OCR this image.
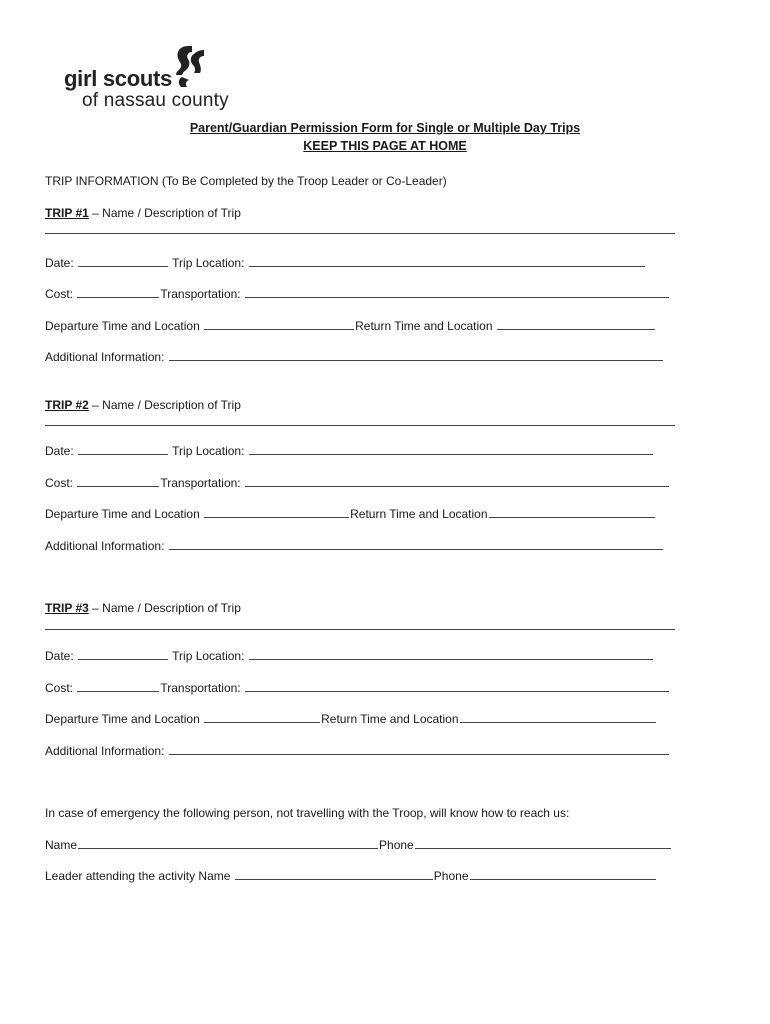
girl scouts
of nassau county
Parent/Guardian Permission Form for Single or Multiple Day Trips
KEEP THIS PAGE AT HOME
TRIP INFORMATION (To Be Completed by the Troop Leader or Co-Leader)
TRIP #1 – Name / Description of Trip
Date:	Trip Location:
Cost:	Transportation:
Departure Time and Location	Return Time and Location
Additional Information:
TRIP #2 – Name / Description of Trip
Date:	Trip Location:
Cost:	Transportation:
Departure Time and Location	Return Time and Location
Additional Information:
TRIP #3 – Name / Description of Trip
Date:	Trip Location:
Cost:	Transportation:
Departure Time and Location	Return Time and Location
Additional Information:
In case of emergency the following person, not travelling with the Troop, will know how to reach us:
Name	Phone
Leader attending the activity Name	Phone
